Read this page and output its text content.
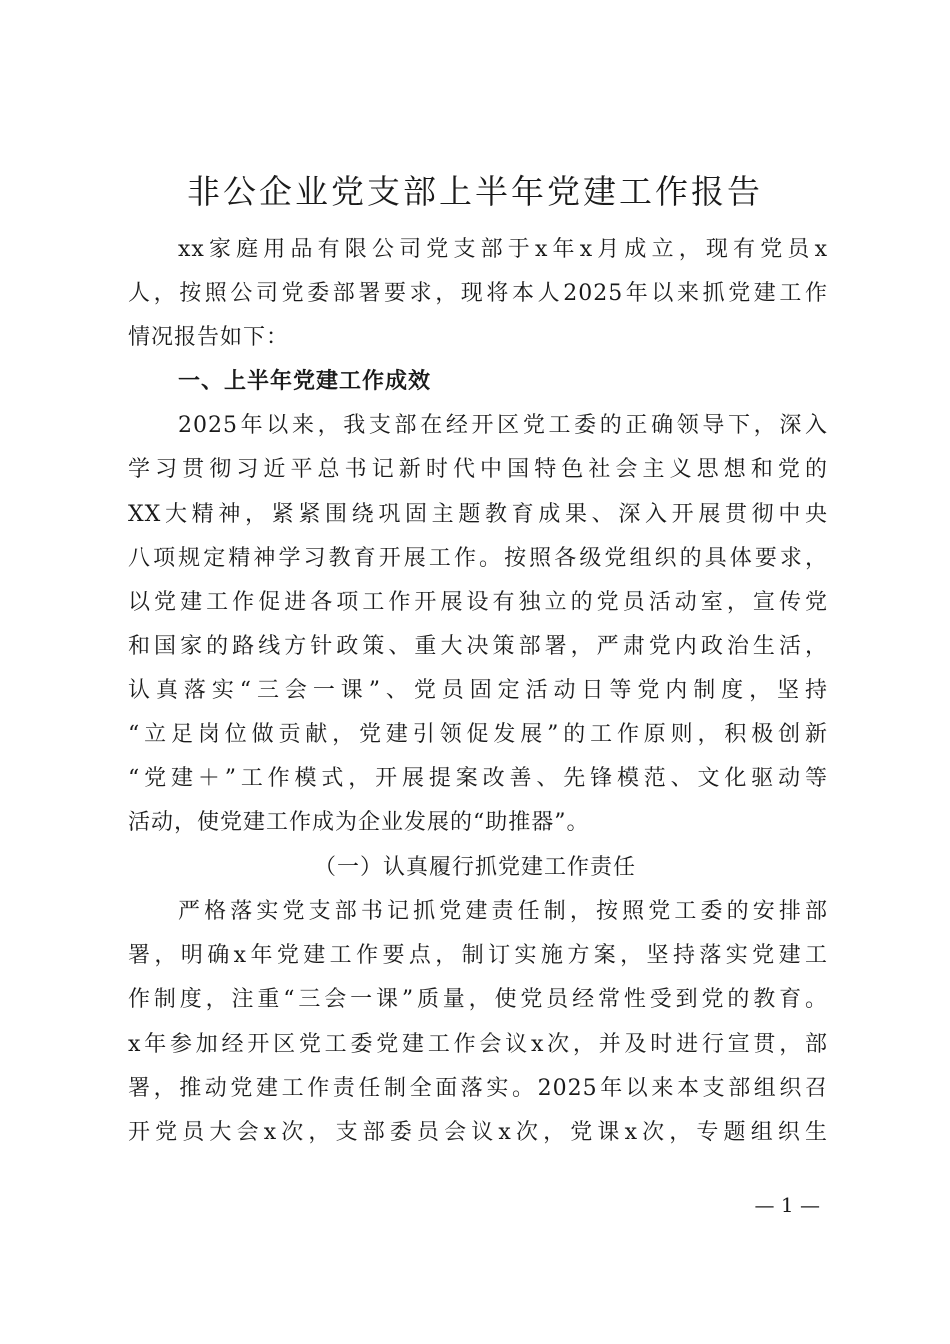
非公企业党支部上半年党建工作报告
xx家庭用品有限公司党支部于x年x月成立，现有党员x
人，按照公司党委部署要求，现将本人2025年以来抓党建工作
情况报告如下：
一、上半年党建工作成效
2025年以来，我支部在经开区党工委的正确领导下，深入
学习贯彻习近平总书记新时代中国特色社会主义思想和党的
XX大精神，紧紧围绕巩固主题教育成果、深入开展贯彻中央
八项规定精神学习教育开展工作。按照各级党组织的具体要求，
以党建工作促进各项工作开展设有独立的党员活动室，宣传党
和国家的路线方针政策、重大决策部署，严肃党内政治生活，
认真落实“三会一课”、党员固定活动日等党内制度，坚持
“立足岗位做贡献，党建引领促发展”的工作原则，积极创新
“党建＋”工作模式，开展提案改善、先锋模范、文化驱动等
活动，使党建工作成为企业发展的“助推器”。
（一）认真履行抓党建工作责任
严格落实党支部书记抓党建责任制，按照党工委的安排部
署，明确x年党建工作要点，制订实施方案，坚持落实党建工
作制度，注重“三会一课”质量，使党员经常性受到党的教育。
x年参加经开区党工委党建工作会议x次，并及时进行宣贯，部
署，推动党建工作责任制全面落实。2025年以来本支部组织召
开党员大会x次，支部委员会议x次，党课x次，专题组织生
— 1 —
